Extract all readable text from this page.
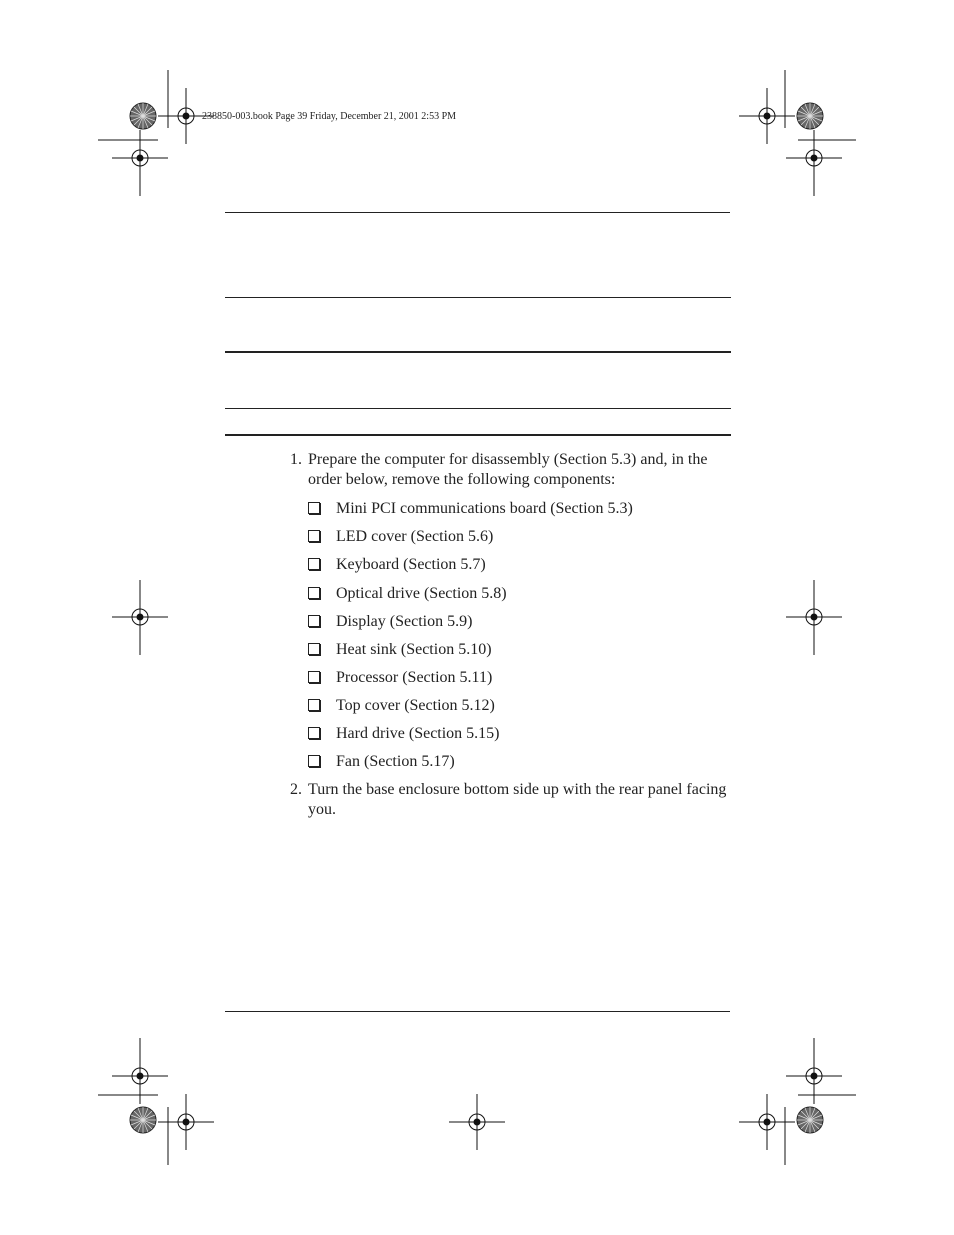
238850-003.book Page 39 Friday, December 21, 2001 2:53 PM
1. Prepare the computer for disassembly (Section 5.3) and, in the order below, remove the following components:
Mini PCI communications board (Section 5.3)
LED cover (Section 5.6)
Keyboard (Section 5.7)
Optical drive (Section 5.8)
Display (Section 5.9)
Heat sink (Section 5.10)
Processor (Section 5.11)
Top cover (Section 5.12)
Hard drive (Section 5.15)
Fan (Section 5.17)
2. Turn the base enclosure bottom side up with the rear panel facing you.
